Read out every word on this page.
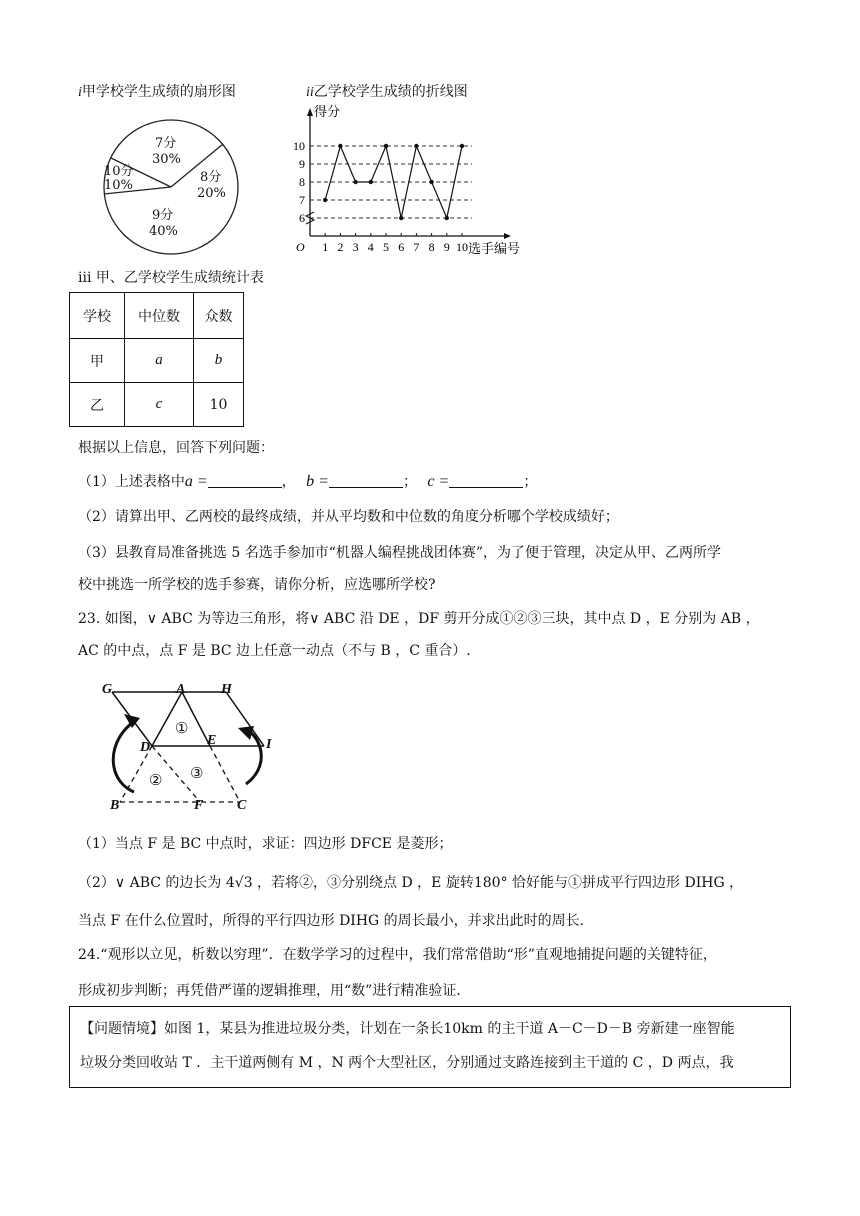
i甲学校学生成绩的扇形图
7分
30%
8分
20%
9分
40%
10分
10%
ii乙学校学生成绩的折线图
6
7
8
9
10
1 2 3 4 5 6 7 8 9 10
O	选手编号
得分
iii 甲、乙学校学生成绩统计表
学校	中位数	众数
甲	a	b
乙	c	10
根据以上信息，回答下列问题：
（1）上述表格中a =	， b =	； c =	；
（2）请算出甲、乙两校的最终成绩，并从平均数和中位数的角度分析哪个学校成绩好；
（3）县教育局准备挑选 5 名选手参加市“机器人编程挑战团体赛”，为了便于管理，决定从甲、乙两所学
校中挑选一所学校的选手参赛，请你分析，应选哪所学校?
23. 如图，∨ ABC 为等边三角形，将∨ ABC 沿 DE ，DF 剪开分成①②③三块，其中点 D ，E 分别为 AB ，
AC 的中点，点 F 是 BC 边上任意一动点（不与 B ，C 重合）.
G	A	H
D	E	I
B	F C
①
② ③
（1）当点 F 是 BC 中点时，求证：四边形 DFCE 是菱形；
（2）∨ ABC 的边长为 4√3 ，若将②，③分别绕点 D ，E 旋转180° 恰好能与①拼成平行四边形 DIHG ，
当点 F 在什么位置时，所得的平行四边形 DIHG 的周长最小，并求出此时的周长.
24.“观形以立见，析数以穷理”．在数学学习的过程中，我们常常借助“形”直观地捕捉问题的关键特征，
形成初步判断；再凭借严谨的逻辑推理，用“数”进行精准验证.
【问题情境】如图 1，某县为推进垃圾分类，计划在一条长10km 的主干道 A－C－D－B 旁新建一座智能
垃圾分类回收站 T ．主干道两侧有 M ，N 两个大型社区，分别通过支路连接到主干道的 C ，D 两点，我
